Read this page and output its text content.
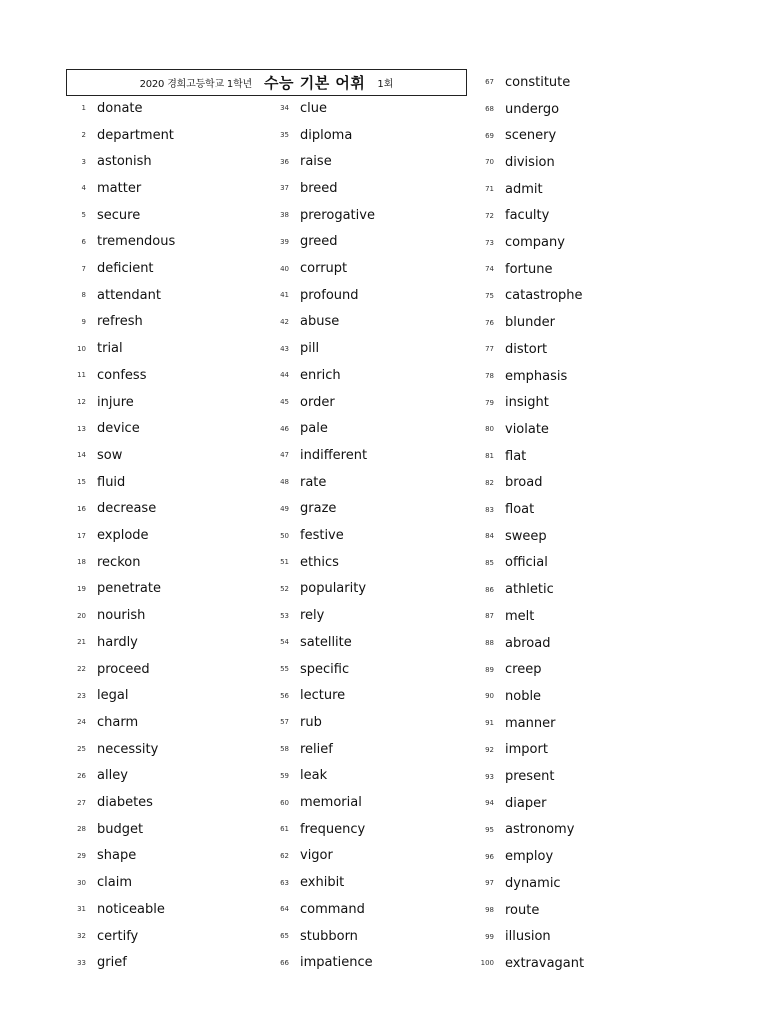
2020 경희고등학교 1학년 수능 기본 어휘 1회
1 donate
2 department
3 astonish
4 matter
5 secure
6 tremendous
7 deficient
8 attendant
9 refresh
10 trial
11 confess
12 injure
13 device
14 sow
15 fluid
16 decrease
17 explode
18 reckon
19 penetrate
20 nourish
21 hardly
22 proceed
23 legal
24 charm
25 necessity
26 alley
27 diabetes
28 budget
29 shape
30 claim
31 noticeable
32 certify
33 grief
34 clue
35 diploma
36 raise
37 breed
38 prerogative
39 greed
40 corrupt
41 profound
42 abuse
43 pill
44 enrich
45 order
46 pale
47 indifferent
48 rate
49 graze
50 festive
51 ethics
52 popularity
53 rely
54 satellite
55 specific
56 lecture
57 rub
58 relief
59 leak
60 memorial
61 frequency
62 vigor
63 exhibit
64 command
65 stubborn
66 impatience
67 constitute
68 undergo
69 scenery
70 division
71 admit
72 faculty
73 company
74 fortune
75 catastrophe
76 blunder
77 distort
78 emphasis
79 insight
80 violate
81 flat
82 broad
83 float
84 sweep
85 official
86 athletic
87 melt
88 abroad
89 creep
90 noble
91 manner
92 import
93 present
94 diaper
95 astronomy
96 employ
97 dynamic
98 route
99 illusion
100 extravagant
